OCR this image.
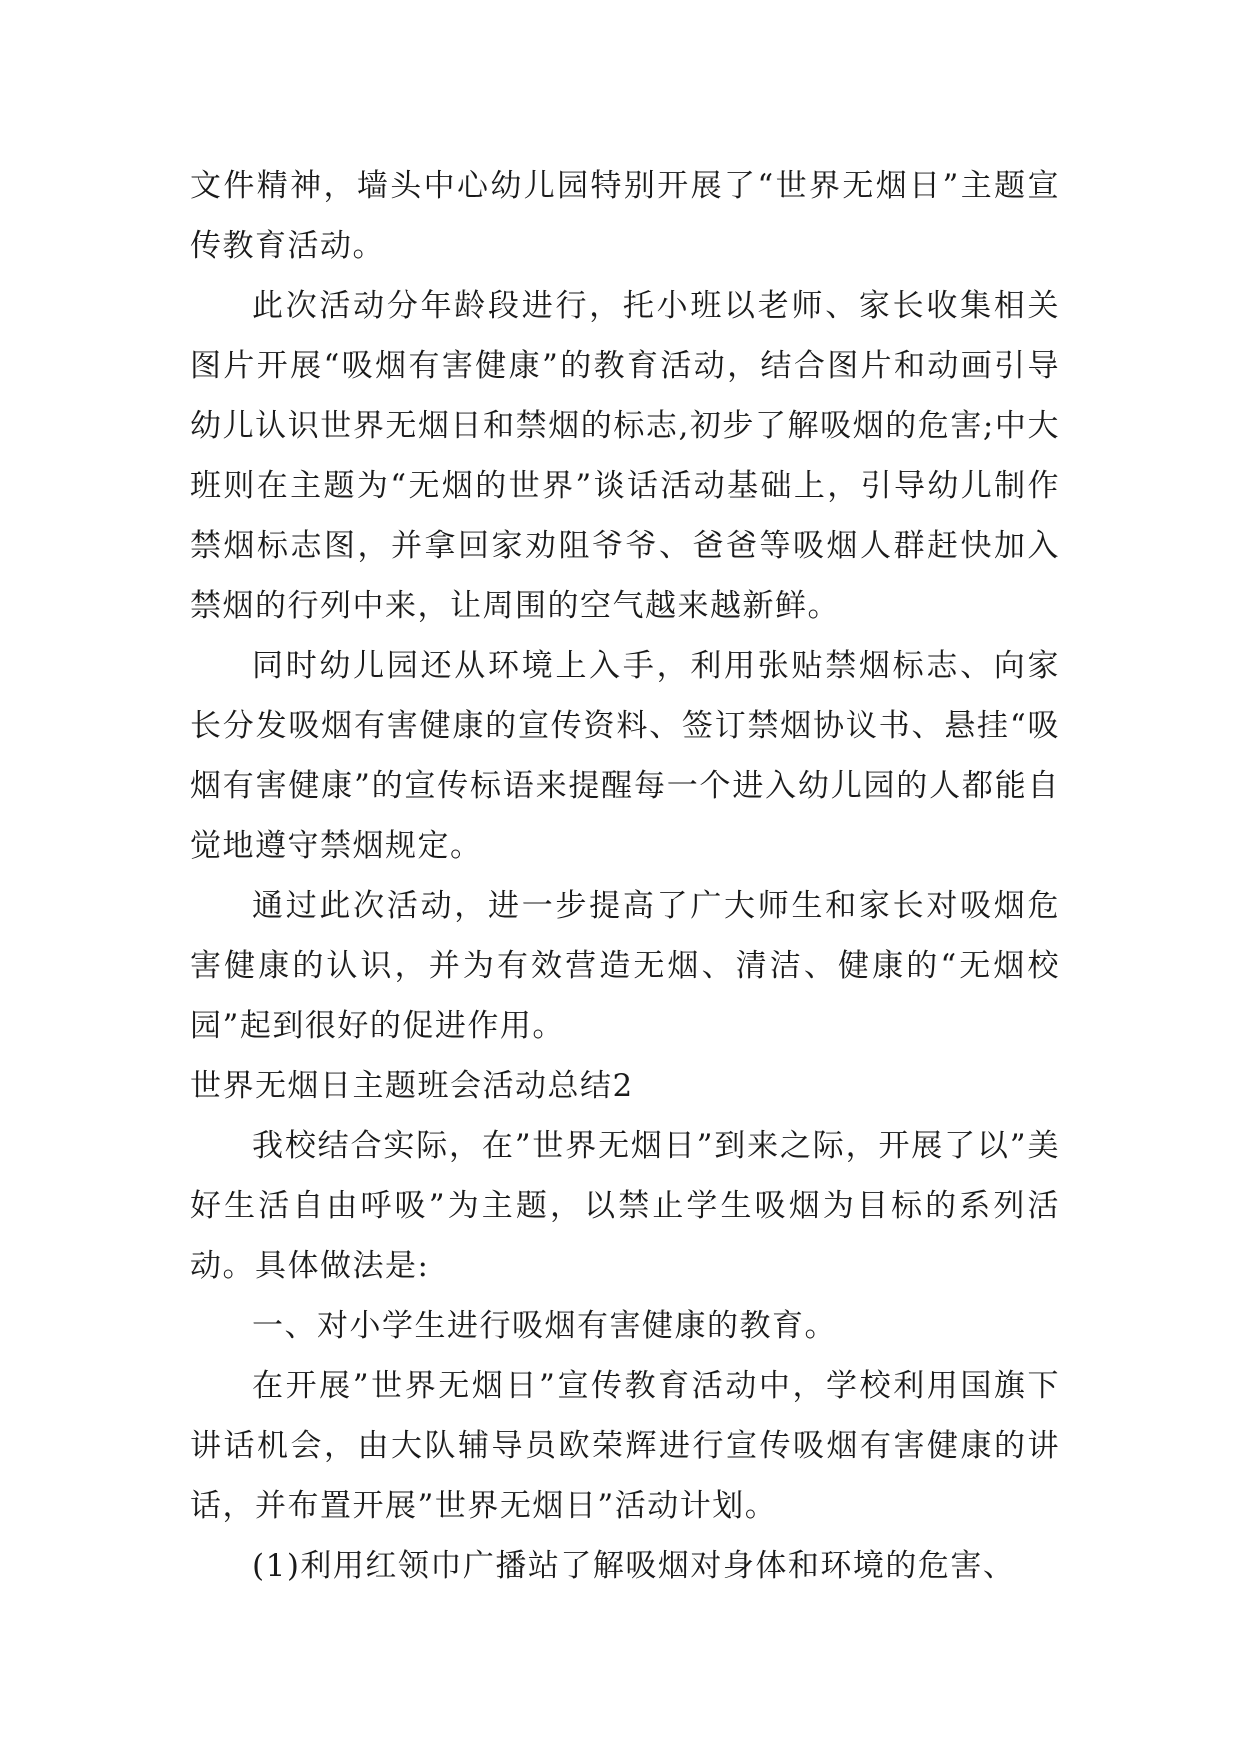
文件精神，墙头中心幼儿园特别开展了“世界无烟日”主题宣传教育活动。

此次活动分年龄段进行，托小班以老师、家长收集相关图片开展“吸烟有害健康”的教育活动，结合图片和动画引导幼儿认识世界无烟日和禁烟的标志,初步了解吸烟的危害;中大班则在主题为“无烟的世界”谈话活动基础上，引导幼儿制作禁烟标志图，并拿回家劝阻爷爷、爸爸等吸烟人群赶快加入禁烟的行列中来，让周围的空气越来越新鲜。

同时幼儿园还从环境上入手，利用张贴禁烟标志、向家长分发吸烟有害健康的宣传资料、签订禁烟协议书、悬挂“吸烟有害健康”的宣传标语来提醒每一个进入幼儿园的人都能自觉地遵守禁烟规定。

通过此次活动，进一步提高了广大师生和家长对吸烟危害健康的认识，并为有效营造无烟、清洁、健康的“无烟校园”起到很好的促进作用。

世界无烟日主题班会活动总结2

我校结合实际，在”世界无烟日”到来之际，开展了以”美好生活自由呼吸”为主题，以禁止学生吸烟为目标的系列活动。具体做法是:

一、对小学生进行吸烟有害健康的教育。

在开展”世界无烟日”宣传教育活动中，学校利用国旗下讲话机会，由大队辅导员欧荣辉进行宣传吸烟有害健康的讲话，并布置开展”世界无烟日”活动计划。

(1)利用红领巾广播站了解吸烟对身体和环境的危害、
